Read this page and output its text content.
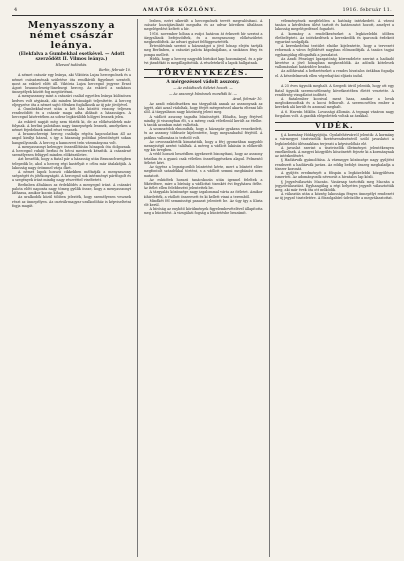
4	AMATŐR KÖZLÖNY.	1916. február 11.
Menyasszony a német császár leánya.
(Elekfalva a Gumbekhal esetkével. — Adott szerződött II. Vilmos leánya.)
Hlesved tudósítás.
Berlin, február 10.

A német császár egy leánya, aki Viktória Lujza hercegnőnek és a német császárnénak születése óta rendkívüli figyelmet szentelt, most az esküvő előtt áll. Viktória Lujza hercegnő jegyese Ernst Ágost braunschweig-lüneburgi herceg. Az esküvő a szokásos ünnepélyek között fog megtörténni.

A menyasszony mint a császári család egyetlen leánya különösen kedves volt atyjának, aki minden kívánságát teljesítette. A herceg eljegyzése óta a német sajtó élénken foglalkozik az új pár jövőjével.

A Gumbekhal-eset után a két ház közötti viszony teljesen rendeződött és a császár maga adta áldását a házasságra. A hercegnő kíséretében az udvar legkiválóbb hölgyei lesznek jelen.

Az esküvő napját még nem tűzték ki, de az előkészületek már folynak. A berlini palotában nagy ünnepségek lesznek, amelyeken a német fejedelmek mind részt vesznek.

A braunschweigi herceg családja régóta kapcsolatban áll az angol királyi házzal, s így a házasság politikai jelentőségét sokan hangsúlyozzák. A herceg a hannoveri trón várományosa volt.

A menyasszonyi kelengye összeállításán hónapok óta dolgoznak. A hercegnő ruháit berlini és bécsi mesterek készítik. A császárné személyesen felügyel minden előkészületre.

Azt beszélik, hogy a fiatal pár a házasság után Braunschweigben telepedik le, ahol a herceg régi kastélyát e célra már átalakítják. A lakosság nagy örömmel várja őket.

A német lapok hosszú cikkekben méltatják a menyasszony szépségét és jótékonyságát. A hercegnő sok intézményt pártfogolt és a szegények iránt mindig nagy részvéttel viseltetett.

Berlinben általános az érdeklődés a menyegző iránt. A császári palota előtt naponta nagy tömeg gyűlik össze, hogy a menyasszonyt láthassa, amikor kocsin kihajt.

Az uralkodók közül többen jelezték, hogy személyesen vesznek részt az ünnepélyen. Az osztrák-magyar uralkodóház is képviseltetni fogja magát.

lesben, ezért sikerült a hercegnőnek tervét megvalósítani. A császár hozzájárulását megadta és az udvar köreiben általános megelégedést keltett a hír.

1916. november hóban a svájci határon át érkezett hír szerint a tárgyalások befejeződtek, és a menyasszony előkészületei megkezdődtek. Az udvari gyászt felfüggesztették.

Értesülésünk szerint a házasságot a jövő hónap elején tartják meg Berlinben, a császári palota kápolnájában, a szokásos fény és pompa mellett.

Hírlik, hogy a herceg nagyobb birtokot kap hozományul, és a pár évi járadékát is megállapították. A részletekről a lapok hallgatnak.

TÖRVÉNYKEZÉS.
A mérgezéssel vádolt asszony.
— Az esküdtszék ítéletet hozott. —
— Az asszonyt bűnösnek mondták ki. —
Arad, február 10.

Az aradi esküdtszéken ma tárgyalták annak az asszonynak az ügyét, akit azzal vádoltak, hogy férjét mérgezéssel akarta eltenni láb alól. A tárgyaláson nagy közönség jelent meg.

A vádlott asszony tagadta bűnösségét. Előadta, hogy férjével mindig jó viszonyban élt, s a méreg csak véletlenül került az ételbe. A tanúk azonban mást vallottak.

A szomszédok elmondták, hogy a házaspár gyakran veszekedett, és az asszony többször kijelentette, hogy megszabadul férjétől. A patikus vallomása is terhelő volt.

Az orvosszakértők kimutatták, hogy a férj gyomrában nagyobb mennyiségű arzént találtak. A méreg a vádlott lakásán is előkerült egy kis üvegben.

A védő hosszú beszédben igyekezett bizonyítani, hogy az asszony ártatlan és a gyanú csak véletlen összefüggéseken alapul. Felmentő ítéletet kért.

Az ügyész a legszigorúbb büntetést kérte, mert a bűntett előre megfontolt szándékkal történt, s a vádlott semmi megbánást nem mutatott.

Az esküdtek hosszú tanácskozás után igennel feleltek a főkérdésre, mire a bíróság a vádlottat tizenkét évi fegyházra ítélte. Az ítélet ellen felebbezést jelentettek be.

A tárgyalás közönsége nagy izgalommal várta az ítéletet. Amikor kihirdették, a vádlott összeesett és ki kellett vinni a teremből.

Mindkét fél semmisségi panaszt jelentett be. Az ügy így a Kúria elé kerül.

A bíróság az enyhítő körülmények figyelembevételével állapította meg a büntetést. A vizsgálati fogság a büntetésbe beszámít.

véleményének megfelelően a hatóság intézkedett. A városi tanács a kérdésben ülést tartott és határozatot hozott, amelyet a lakosság megelégedéssel fogadott.

A kormány a rendelkezéseket a legközelebbi időben életbelépteti. Az intézkedések a kereskedők és iparosok érdekeit egyaránt szolgálják.

A kereskedelmi testület elnöke kijelentette, hogy a tervezett reformok a város fejlődését nagyban előmozdítják. A tanács tagjai egyhangúlag elfogadták a javaslatot.

Az Aradi Pénzügyi Igazgatóság körrendelete szerint a hadiadó kivetése a jövő hónapban megkezdődik. Az adózók kötelesek vallomásukat határidőre beadni.

Az adóhivatal a befizetéseket a rendes hivatalos órákban fogadja el. A késedelmesek ellen végrehajtási eljárás indul.

A 25 éves ügynök meghalt. A Szegedi útról jelentik, hogy ott egy fiatal ügynök szerencsétlenség következtében életét vesztette. A rendőrség vizsgálatot indított.

A fiatalember kocsival ment haza, amikor a lovak megbokrosodtak és a kocsi felborult. A szerencsétlen ember a kerekek alá került és azonnal meghalt.

A 6. Havrán Miklós. Lovassági állomás. A tegnapi vásáron nagy forgalom volt. A gazdák elégedettek voltak az árakkal.

VIDÉK.

§ A kormány Hódágyújtója. Gyulafehérvárról jelentik: A kormány a vármegyei tisztviselők fizetésrendezéséről szóló javaslatot a legközelebbi ülésszakban terjeszti a képviselőház elé.

A javaslat szerint a tisztviselők illetményei jelentékenyen emelkednek. A megyei közgyűlés köszönetét fejezte ki a kormánynak az intézkedésért.

§ Hadiárvák gyámolítása. A vármegye közönsége nagy gyűjtést rendezett a hadiárvák javára. Az eddig befolyt összeg meghaladja a tízezer koronát.

A gyűjtés eredményét a főispán a legközelebbi közgyűlésen ismerteti. Az adományozók névsorát a hivatalos lap közli.

§ Jegyzőválasztás Macsán. Vasárnap tartották meg Macsán a jegyzőválasztást. Egyhangúlag a régi helyettes jegyzőt választották meg, aki már évek óta ott működik.

A választás után a község lakossága fényes ünnepélyt rendezett az új jegyző tiszteletére. A főszolgabíró üdvözölte a megválasztottat.
